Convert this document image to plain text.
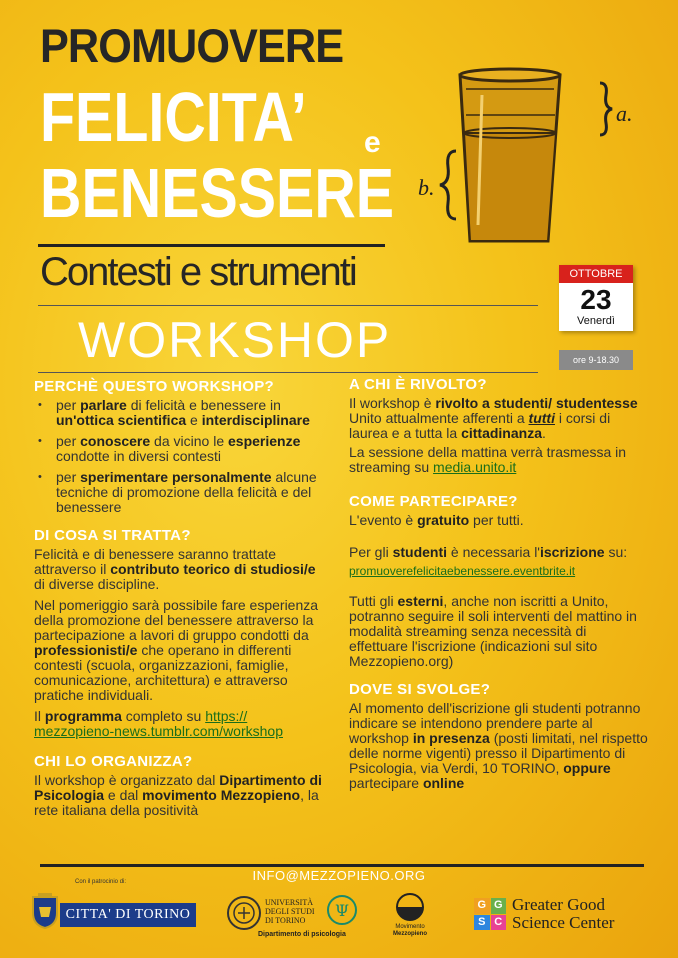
PROMUOVERE
FELICITA’ e
BENESSERE
Contesti e strumenti
WORKSHOP
a.
b.
OTTOBRE
23
Venerdì
ore 9-18.30
PERCHÈ QUESTO WORKSHOP?
• per parlare di felicità e benessere in un'ottica scientifica e interdisciplinare
• per conoscere da vicino le esperienze condotte in diversi contesti
• per sperimentare personalmente alcune tecniche di promozione della felicità e del benessere
DI COSA SI TRATTA?

Felicità e di benessere saranno trattate attraverso il contributo teorico di studiosi/e di diverse discipline.

Nel pomeriggio sarà possibile fare esperienza della promozione del benessere attraverso la partecipazione a lavori di gruppo condotti da professionisti/e che operano in differenti contesti (scuola, organizzazioni, famiglie, comunicazione, architettura) e attraverso pratiche individuali.

Il programma completo su https:// mezzopieno-news.tumblr.com/workshop

CHI LO ORGANIZZA?

Il workshop è organizzato dal Dipartimento di Psicologia e dal movimento Mezzopieno, la rete italiana della positività

A CHI È RIVOLTO?

Il workshop è rivolto a studenti/ studentesse Unito attualmente afferenti a tutti i corsi di laurea e a tutta la cittadinanza.

La sessione della mattina verrà trasmessa in streaming su media.unito.it

COME PARTECIPARE?

L'evento è gratuito per tutti.

Per gli studenti è necessaria l'iscrizione su:
promuoverefelicitaebenessere.eventbrite.it

Tutti gli esterni, anche non iscritti a Unito, potranno seguire il soli interventi del mattino in modalità streaming senza necessità di effettuare l'iscrizione (indicazioni sul sito Mezzopieno.org)

DOVE SI SVOLGE?

Al momento dell'iscrizione gli studenti potranno indicare se intendono prendere parte al workshop in presenza (posti limitati, nel rispetto delle norme vigenti) presso il Dipartimento di Psicologia, via Verdi, 10 TORINO, oppure partecipare online

INFO@MEZZOPIENO.ORG
Con il patrocinio di:
CITTA' DI TORINO
UNIVERSITÀ
DEGLI STUDI
DI TORINO
Ψ
Dipartimento di psicologia
Movimento
Mezzopieno
G G
S C
Greater Good
Science Center
